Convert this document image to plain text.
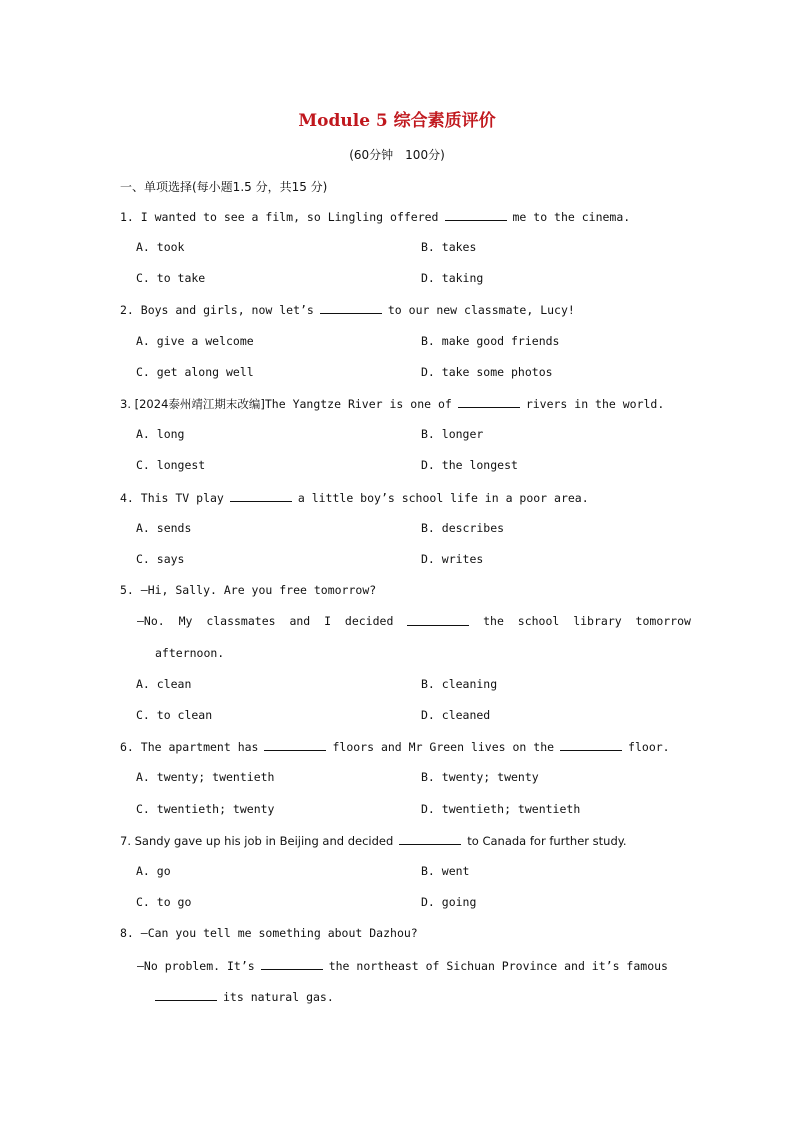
Module 5 综合素质评价
(60分钟　100分)
一、单项选择(每小题1.5 分，共15 分)
1. I wanted to see a film, so Lingling offered	me to the cinema.
A. took	B. takes
C. to take	D. taking
2. Boys and girls, now let’s	to our new classmate, Lucy!
A. give a welcome	B. make good friends
C. get along well	D. take some photos
3. [2024泰州靖江期末改编]The Yangtze River is one of	rivers in the world.
A. long	B. longer
C. longest	D. the longest
4. This TV play	a little boy’s school life in a poor area.
A. sends	B. describes
C. says	D. writes
5. —Hi, Sally. Are you free tomorrow?
—No. My classmates and I decided	the school library tomorrow
afternoon.
A. clean	B. cleaning
C. to clean	D. cleaned
6. The apartment has	floors and Mr Green lives on the	floor.
A. twenty; twentieth	B. twenty; twenty
C. twentieth; twenty	D. twentieth; twentieth
7. Sandy gave up his job in Beijing and decided	to Canada for further study.
A. go	B. went
C. to go	D. going
8. —Can you tell me something about Dazhou?
—No problem. It’s	the northeast of Sichuan Province and it’s famous
its natural gas.
